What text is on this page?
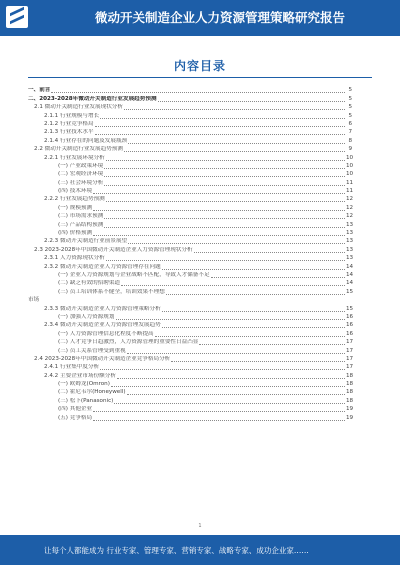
微动开关制造企业人力资源管理策略研究报告
内容目录
一、前言	5
二、2023-2028年微动开关制造行业发展趋势预测	5
2.1 微动开关制造行业发展现状分析	5
2.1.1 行业规模与增长	5
2.1.2 行业竞争格局	6
2.1.3 行业技术水平	7
2.1.4 行业存在的问题及发展瓶颈	8
2.2 微动开关制造行业发展趋势预测	9
2.2.1 行业发展环境分析	10
(一) 产业政策环境	10
(二) 宏观经济环境	10
(三) 社会环境分析	11
(四) 技术环境	11
2.2.2 行业发展趋势预测	12
(一) 规模预测	12
(二) 市场需求预测	12
(三) 产品结构预测	13
(四) 价格预测	13
2.2.3 微动开关制造行业前景展望	13
2.3 2023-2028年中国微动开关制造企业人力资源管理现状分析	13
2.3.1 人力资源现状分析	13
2.3.2 微动开关制造企业人力资源管理存在问题	14
(一) 企业人力资源规划与企业战略不匹配，导致人才储备不足	14
(二) 缺乏有效的招聘渠道	14
(三) 员工培训体系不健全，培训效果不理想	15
市场
2.3.3 微动开关制造企业人力资源管理策略分析	15
(一) 加强人力资源规划	16
2.3.4 微动开关制造企业人力资源管理发展趋势	16
(一) 人力资源管理信息化程度不断提高	16
(二) 人才竞争日趋激烈，人力资源管理的重要性日益凸显	17
(三) 员工关系管理受到重视	17
2.4 2023-2028年中国微动开关制造企业竞争格局分析	17
2.4.1 行业集中度分析	17
2.4.2 主要企业市场份额分析	18
(一) 欧姆龙(Omron)	18
(二) 霍尼韦尔(Honeywell)	18
(三) 松下(Panasonic)	18
(四) 其他企业	19
(五) 竞争格局	19
1
让每个人都能成为 行业专家、管理专家、营销专家、战略专家、成功企业家……
